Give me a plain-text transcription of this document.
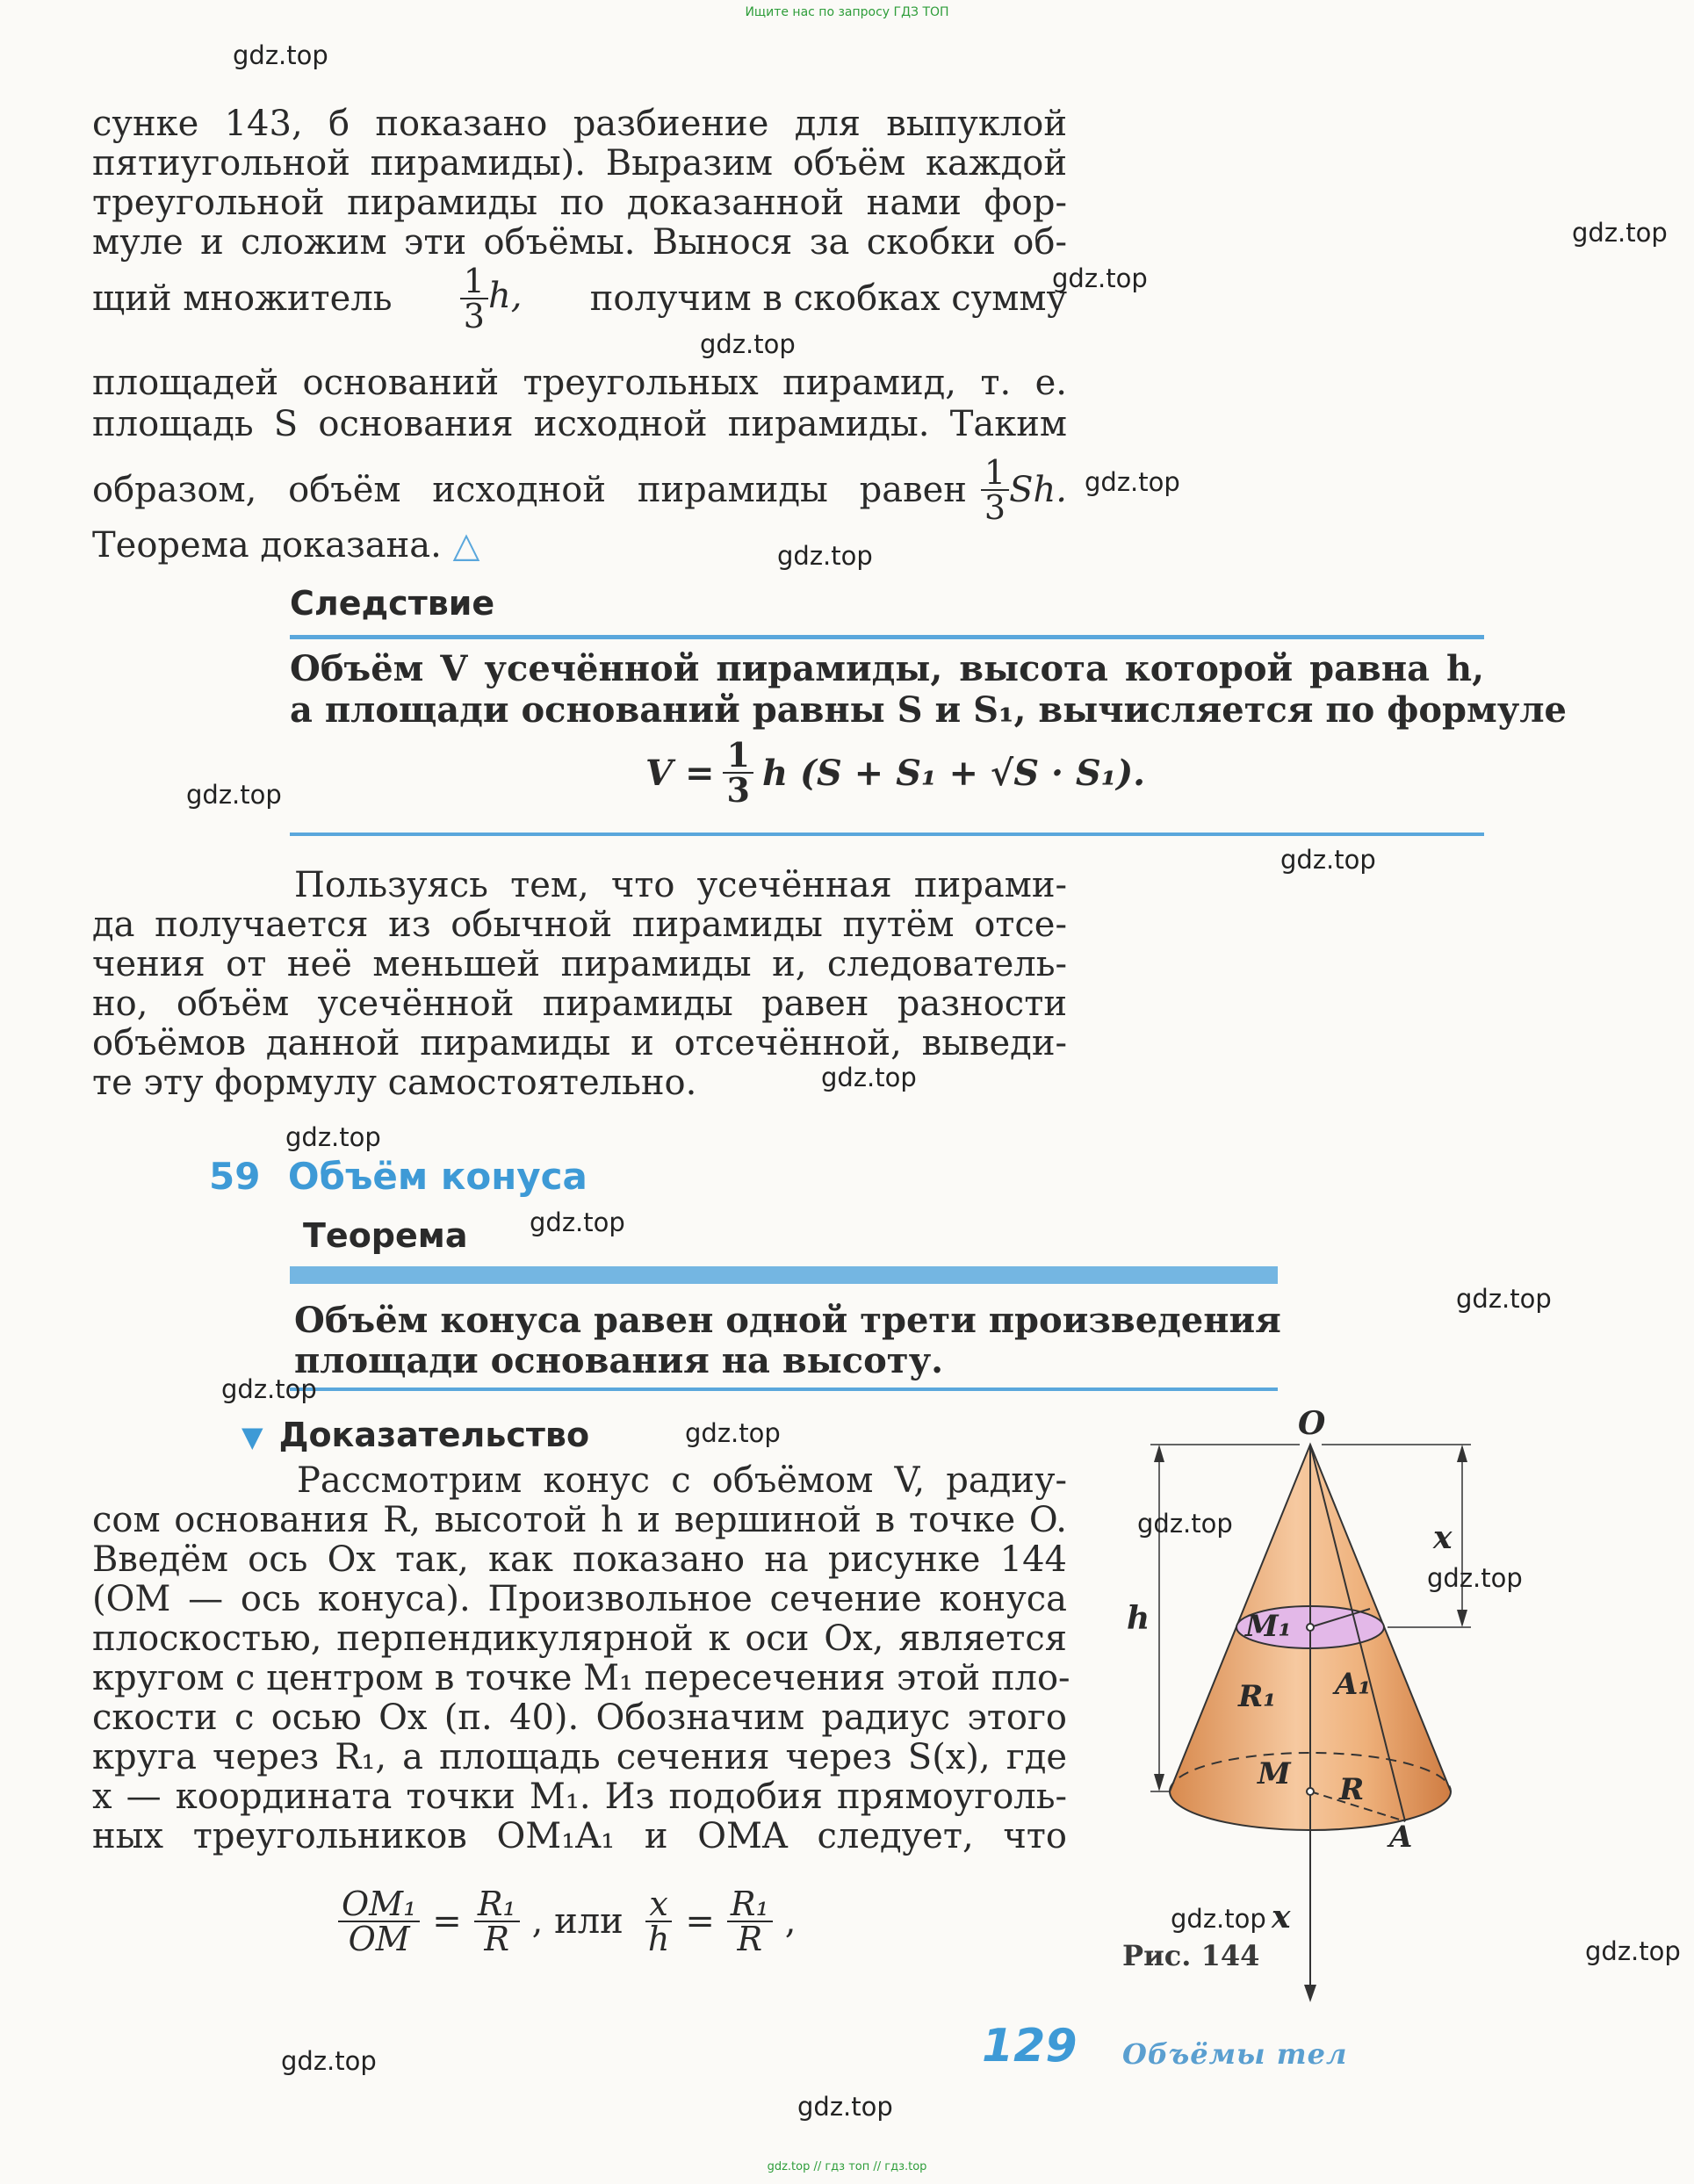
Ищите нас по запросу ГДЗ ТОП
сунке 143, б показано разбиение для выпуклой
пятиугольной пирамиды). Выразим объём каждой
треугольной пирамиды по доказанной нами фор-
муле и сложим эти объёмы. Вынося за скобки об-
щий множитель $\frac{1}{3} h$, получим в скобках сумму
площадей оснований треугольных пирамид, т. е.
площадь S основания исходной пирамиды. Таким
образом, объём исходной пирамиды равен $\frac{1}{3} Sh$.
Теорема доказана. △
Следствие
Объём V усечённой пирамиды, высота которой равна h,
а площади оснований равны S и S₁, вычисляется по формуле
$V = \frac{1}{3}$ h (S + S₁ + √S · S₁).
Пользуясь тем, что усечённая пирами-
да получается из обычной пирамиды путём отсе-
чения от неё меньшей пирамиды и, следователь-
но, объём усечённой пирамиды равен разности
объёмов данной пирамиды и отсечённой, выведи-
те эту формулу самостоятельно.
59 Объём конуса
Теорема
Объём конуса равен одной трети произведения
площади основания на высоту.
▼ Доказательство
Рассмотрим конус с объёмом V, радиу-
сом основания R, высотой h и вершиной в точке O.
Введём ось Ox так, как показано на рисунке 144
(OM — ось конуса). Произвольное сечение конуса
плоскостью, перпендикулярной к оси Ox, является
кругом с центром в точке M₁ пересечения этой пло-
скости с осью Ox (п. 40). Обозначим радиус этого
круга через R₁, а площадь сечения через S(x), где
x — координата точки M₁. Из подобия прямоуголь-
ных треугольников OM₁A₁ и OMA следует, что
$\frac{\text{OM₁}}{OM} = \frac{\text{R₁}}{R}$ , или $\frac{x}{h} = \frac{\text{R₁}}{R}$ ,
O
x
h	M₁
A₁
R₁
M R
A
x
Рис. 144
129 Объёмы тел
gdz.top
gdz.top
gdz.top
gdz.top
gdz.top
gdz.top
gdz.top
gdz.top
gdz.top
gdz.top
gdz.top
gdz.top
gdz.top
gdz.top
gdz.top
gdz.top
gdz.top
gdz.top
gdz.top
gdz.top
gdz.top // гдз топ // гдз.top
